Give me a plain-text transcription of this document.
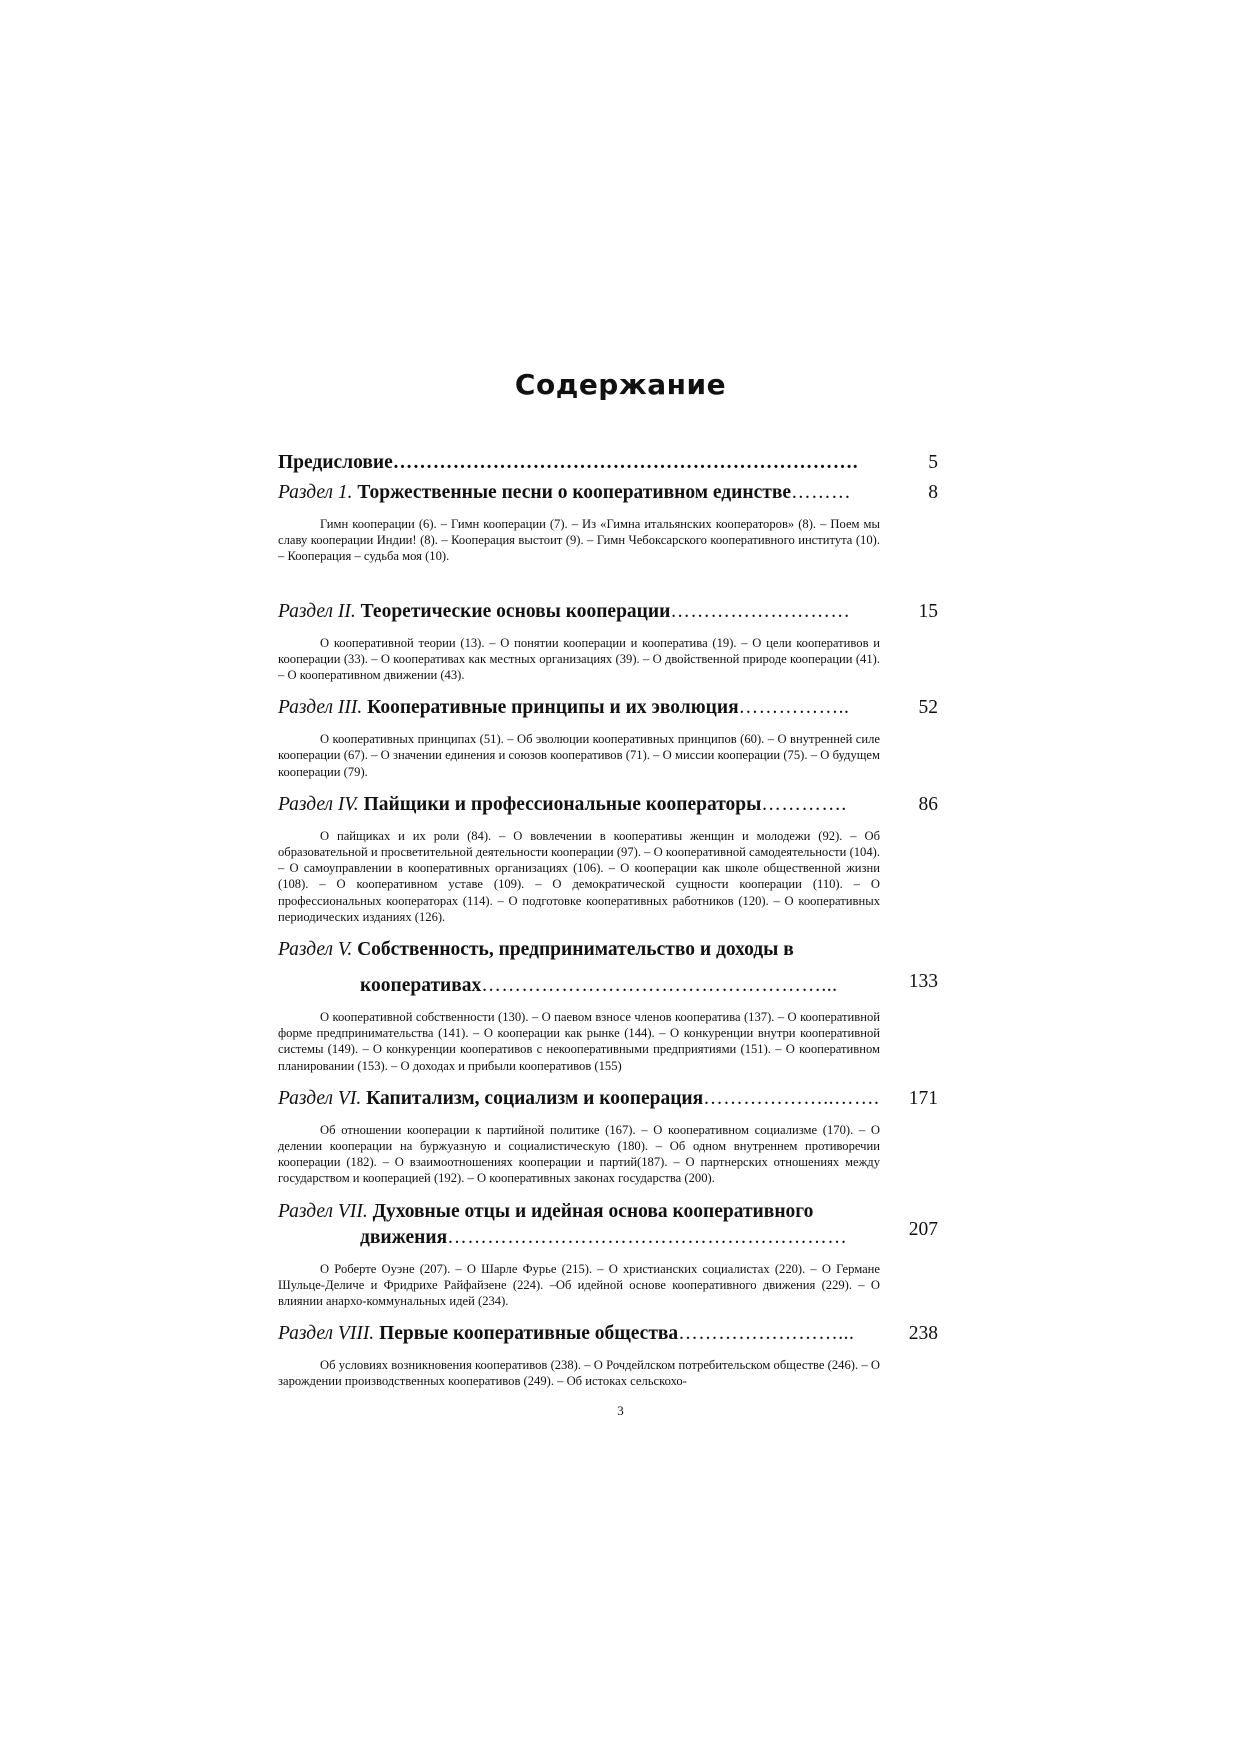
Содержание
Предисловие…………………………………………………………….	5
Раздел 1. Торжественные песни о кооперативном единстве………	8
Гимн кооперации (6). – Гимн кооперации (7). – Из «Гимна итальянских кооператоров» (8). – Поем мы славу кооперации Индии! (8). – Кооперация выстоит (9). – Гимн Чебоксарского кооперативного института (10). – Кооперация – судьба моя (10).
Раздел II. Теоретические основы кооперации………………………	15
О кооперативной теории (13). – О понятии кооперации и кооператива (19). – О цели кооперативов и кооперации (33). – О кооперативах как местных организациях (39). – О двойственной природе кооперации (41). – О кооперативном движении (43).
Раздел III. Кооперативные принципы и их эволюция……………..	52
О кооперативных принципах (51). – Об эволюции кооперативных принципов (60). – О внутренней силе кооперации (67). – О значении единения и союзов кооперативов (71). – О миссии кооперации (75). – О будущем кооперации (79).
Раздел IV. Пайщики и профессиональные кооператоры………….	86
О пайщиках и их роли (84). – О вовлечении в кооперативы женщин и молодежи (92). – Об образовательной и просветительной деятельности кооперации (97). – О кооперативной самодеятельности (104). – О самоуправлении в кооперативных организациях (106). – О кооперации как школе общественной жизни (108). – О кооперативном уставе (109). – О демократической сущности кооперации (110). – О профессиональных кооператорах (114). – О подготовке кооперативных работников (120). – О кооперативных периодических изданиях (126).
Раздел V. Собственность, предпринимательство и доходы в
кооперативах……………………………………………...	133
О кооперативной собственности (130). – О паевом взносе членов кооператива (137). – О кооперативной форме предпринимательства (141). – О кооперации как рынке (144). – О конкуренции внутри кооперативной системы (149). – О конкуренции кооперативов с некооперативными предприятиями (151). – О кооперативном планировании (153). – О доходах и прибыли кооперативов (155)
Раздел VI. Капитализм, социализм и кооперация………………..……. 171
Об отношении кооперации к партийной политике (167). – О кооперативном социализме (170). – О делении кооперации на буржуазную и социалистическую (180). – Об одном внутреннем противоречии кооперации (182). – О взаимоотношениях кооперации и партий(187). – О партнерских отношениях между государством и кооперацией (192). – О кооперативных законах государства (200).
Раздел VII. Духовные отцы и идейная основа кооперативного
движения……………………………………………………	207
О Роберте Оуэне (207). – О Шарле Фурье (215). – О христианских социалистах (220). – О Германе Шульце-Деличе и Фридрихе Райфайзене (224). –Об идейной основе кооперативного движения (229). – О влиянии анархо-коммунальных идей (234).
Раздел VIII. Первые кооперативные общества……………………...	238
Об условиях возникновения кооперативов (238). – О Рочдейлском потребительском обществе (246). – О зарождении производственных кооперативов (249). – Об истоках сельскохо-
3
